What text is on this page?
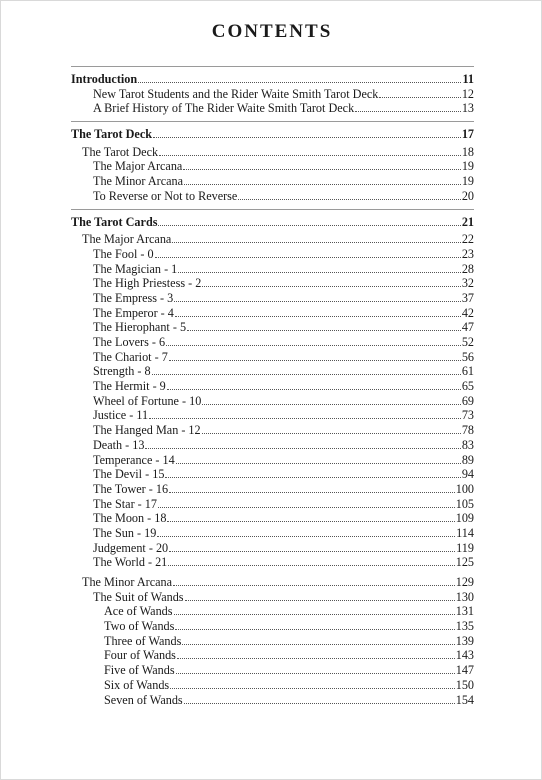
CONTENTS
Introduction	11
New Tarot Students and the Rider Waite Smith Tarot Deck	12
A Brief History of The Rider Waite Smith Tarot Deck	13
The Tarot Deck	17
The Tarot Deck	18
The Major Arcana	19
The Minor Arcana	19
To Reverse or Not to Reverse	20
The Tarot Cards	21
The Major Arcana	22
The Fool - 0	23
The Magician - 1	28
The High Priestess - 2	32
The Empress - 3	37
The Emperor - 4	42
The Hierophant - 5	47
The Lovers - 6	52
The Chariot - 7	56
Strength - 8	61
The Hermit - 9	65
Wheel of Fortune - 10	69
Justice - 11	73
The Hanged Man - 12	78
Death - 13	83
Temperance - 14	89
The Devil - 15	94
The Tower - 16	100
The Star - 17	105
The Moon - 18	109
The Sun - 19	114
Judgement - 20	119
The World - 21	125
The Minor Arcana	129
The Suit of Wands	130
Ace of Wands	131
Two of Wands	135
Three of Wands	139
Four of Wands	143
Five of Wands	147
Six of Wands	150
Seven of Wands	154
